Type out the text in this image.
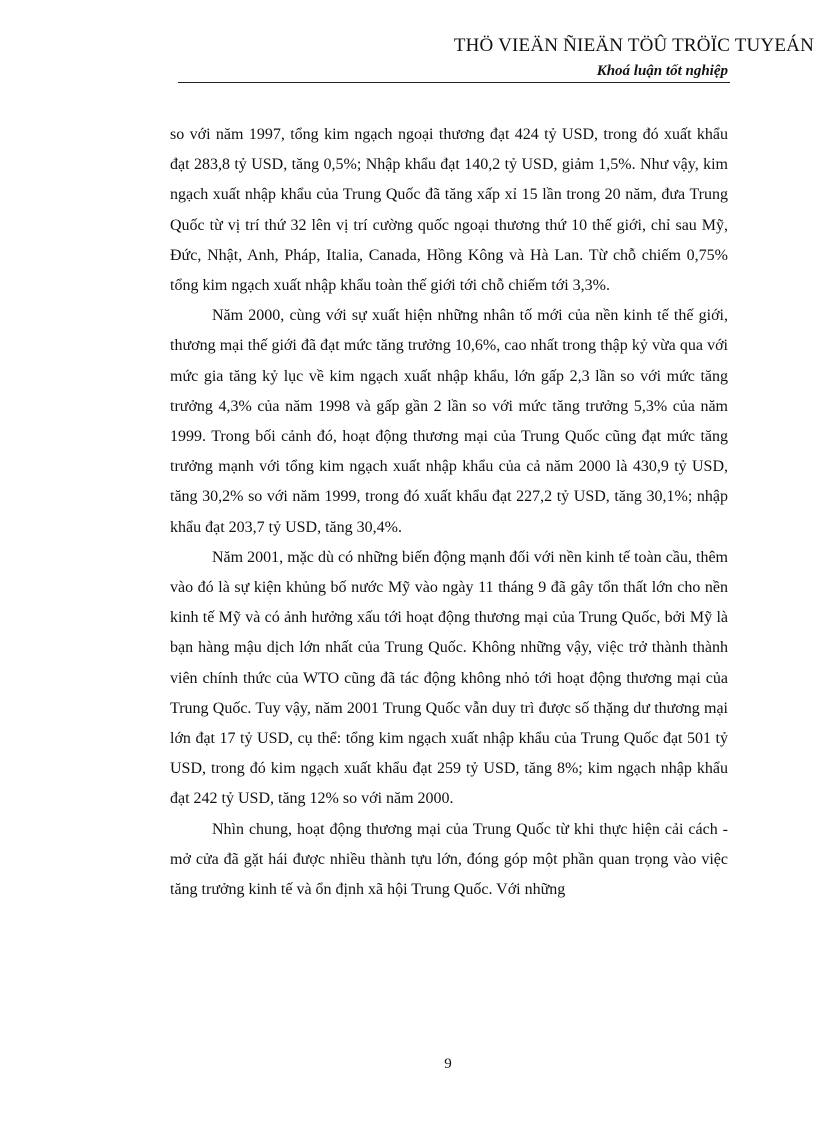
THÖ VIEÄN ÑIEÄN TÖÛ TRÖÏC TUYEÁN
Khoá luận tốt nghiệp

so với năm 1997, tổng kim ngạch ngoại thương đạt 424 tỷ USD, trong đó xuất khẩu đạt 283,8 tỷ USD, tăng 0,5%; Nhập khẩu đạt 140,2 tỷ USD, giảm 1,5%. Như vậy, kim ngạch xuất nhập khẩu của Trung Quốc đã tăng xấp xỉ 15 lần trong 20 năm, đưa Trung Quốc từ vị trí thứ 32 lên vị trí cường quốc ngoại thương thứ 10 thế giới, chỉ sau Mỹ, Đức, Nhật, Anh, Pháp, Italia, Canada, Hồng Kông và Hà Lan. Từ chỗ chiếm 0,75% tổng kim ngạch xuất nhập khẩu toàn thế giới tới chỗ chiếm tới 3,3%.

Năm 2000, cùng với sự xuất hiện những nhân tố mới của nền kinh tế thế giới, thương mại thế giới đã đạt mức tăng trưởng 10,6%, cao nhất trong thập kỷ vừa qua với mức gia tăng kỷ lục về kim ngạch xuất nhập khẩu, lớn gấp 2,3 lần so với mức tăng trưởng 4,3% của năm 1998 và gấp gần 2 lần so với mức tăng trưởng 5,3% của năm 1999. Trong bối cảnh đó, hoạt động thương mại của Trung Quốc cũng đạt mức tăng trưởng mạnh với tổng kim ngạch xuất nhập khẩu của cả năm 2000 là 430,9 tỷ USD, tăng 30,2% so với năm 1999, trong đó xuất khẩu đạt 227,2 tỷ USD, tăng 30,1%; nhập khẩu đạt 203,7 tỷ USD, tăng 30,4%.

Năm 2001, mặc dù có những biến động mạnh đối với nền kinh tế toàn cầu, thêm vào đó là sự kiện khủng bố nước Mỹ vào ngày 11 tháng 9 đã gây tổn thất lớn cho nền kinh tế Mỹ và có ảnh hưởng xấu tới hoạt động thương mại của Trung Quốc, bởi Mỹ là bạn hàng mậu dịch lớn nhất của Trung Quốc. Không những vậy, việc trở thành thành viên chính thức của WTO cũng đã tác động không nhỏ tới hoạt động thương mại của Trung Quốc. Tuy vậy, năm 2001 Trung Quốc vẫn duy trì được số thặng dư thương mại lớn đạt 17 tỷ USD, cụ thể: tổng kim ngạch xuất nhập khẩu của Trung Quốc đạt 501 tỷ USD, trong đó kim ngạch xuất khẩu đạt 259 tỷ USD, tăng 8%; kim ngạch nhập khẩu đạt 242 tỷ USD, tăng 12% so với năm 2000.

Nhìn chung, hoạt động thương mại của Trung Quốc từ khi thực hiện cải cách - mở cửa đã gặt hái được nhiều thành tựu lớn, đóng góp một phần quan trọng vào việc tăng trưởng kinh tế và ổn định xã hội Trung Quốc. Với những

9
